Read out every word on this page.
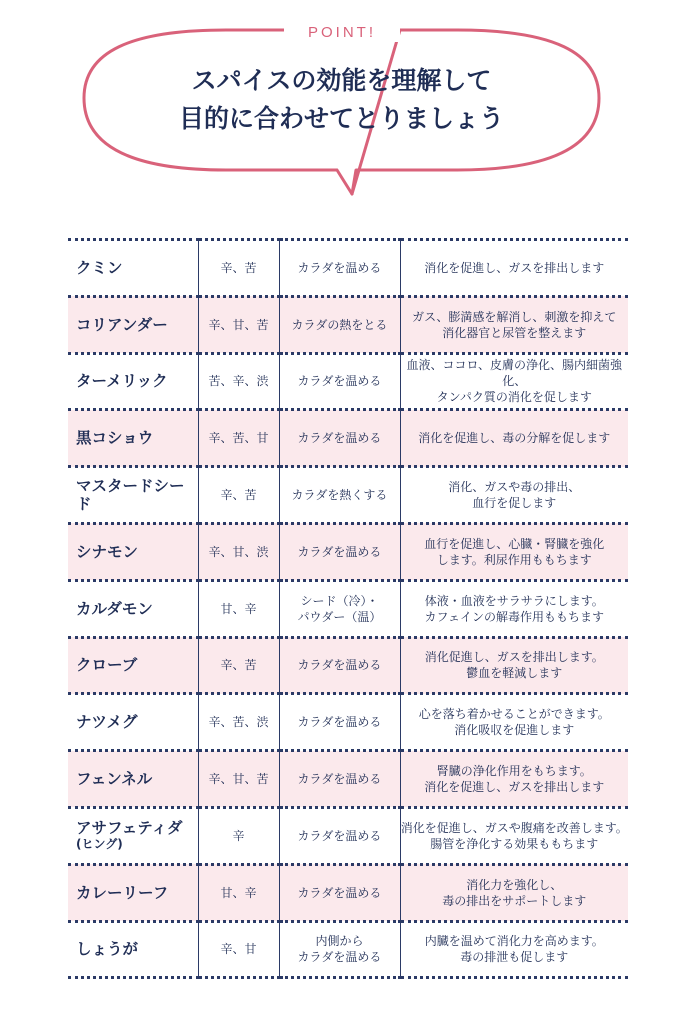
POINT!
スパイスの効能を理解して
目的に合わせてとりましょう
クミン	辛、苦	カラダを温める	消化を促進し、ガスを排出します
コリアンダー	辛、甘、苦	カラダの熱をとる	ガス、膨満感を解消し、刺激を抑えて
消化器官と尿管を整えます
ターメリック	苦、辛、渋	カラダを温める	血液、ココロ、皮膚の浄化、腸内細菌強化、
タンパク質の消化を促します
黒コショウ	辛、苦、甘	カラダを温める	消化を促進し、毒の分解を促します
マスタードシード	辛、苦	カラダを熱くする	消化、ガスや毒の排出、
血行を促します
シナモン	辛、甘、渋	カラダを温める	血行を促進し、心臓・腎臓を強化
します。利尿作用ももちます
カルダモン	甘、辛	シード（冷）・
パウダー（温）	体液・血液をサラサラにします。
カフェインの解毒作用ももちます
クローブ	辛、苦	カラダを温める	消化促進し、ガスを排出します。
鬱血を軽減します
ナツメグ	辛、苦、渋	カラダを温める	心を落ち着かせることができます。
消化吸収を促進します
フェンネル	辛、甘、苦	カラダを温める	腎臓の浄化作用をもちます。
消化を促進し、ガスを排出します
アサフェティダ
(ヒング)	辛	カラダを温める	消化を促進し、ガスや腹痛を改善します。
腸管を浄化する効果ももちます
カレーリーフ	甘、辛	カラダを温める	消化力を強化し、
毒の排出をサポートします
しょうが	辛、甘	内側から
カラダを温める	内臓を温めて消化力を高めます。
毒の排泄も促します
